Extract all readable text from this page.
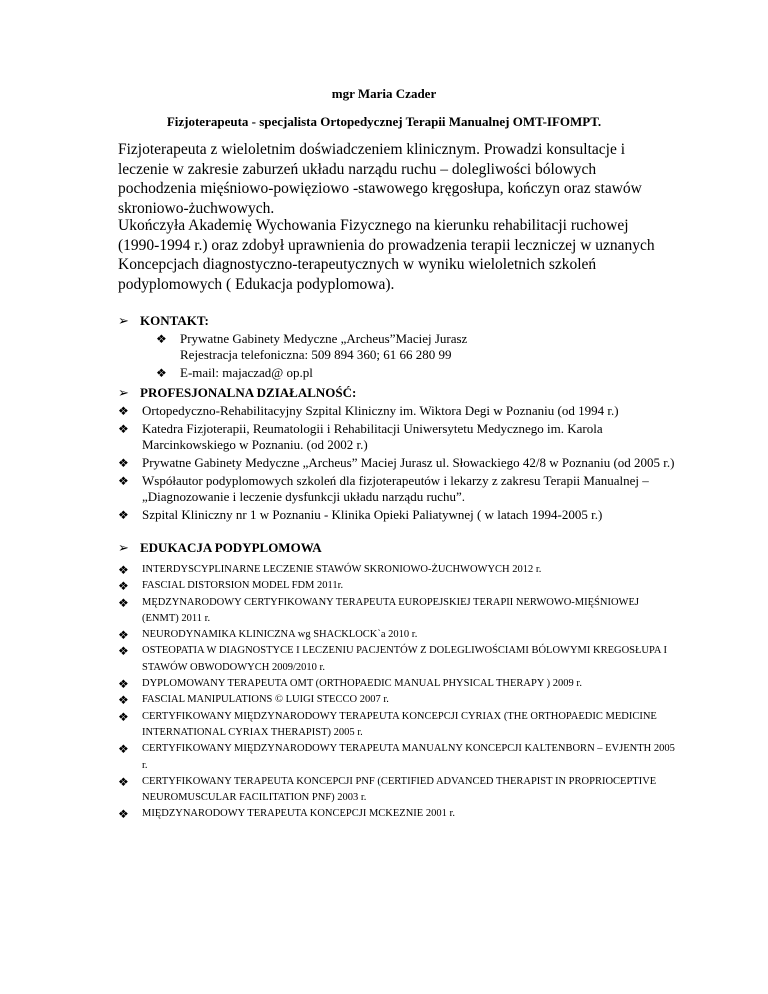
mgr Maria Czader
Fizjoterapeuta - specjalista Ortopedycznej Terapii Manualnej OMT-IFOMPT.

Fizjoterapeuta z wieloletnim doświadczeniem klinicznym. Prowadzi konsultacje i leczenie w zakresie zaburzeń układu narządu ruchu – dolegliwości bólowych pochodzenia mięśniowo-powięziowo -stawowego kręgosłupa, kończyn oraz stawów skroniowo-żuchwowych.

Ukończyła Akademię Wychowania Fizycznego na kierunku rehabilitacji ruchowej (1990-1994 r.) oraz zdobył uprawnienia do prowadzenia terapii leczniczej w uznanych Koncepcjach diagnostyczno-terapeutycznych w wyniku wieloletnich szkoleń podyplomowych ( Edukacja podyplomowa).

➢ KONTAKT:
❖	Prywatne Gabinety Medyczne „Archeus”Maciej Jurasz
Rejestracja telefoniczna: 509 894 360; 61 66 280 99
❖	E-mail: majaczad@ op.pl
➢ PROFESJONALNA DZIAŁALNOŚĆ:
❖	Ortopedyczno-Rehabilitacyjny Szpital Kliniczny im. Wiktora Degi w Poznaniu (od 1994 r.)
❖	Katedra Fizjoterapii, Reumatologii i Rehabilitacji Uniwersytetu Medycznego im. Karola Marcinkowskiego w Poznaniu. (od 2002 r.)
❖	Prywatne Gabinety Medyczne „Archeus” Maciej Jurasz ul. Słowackiego 42/8 w Poznaniu (od 2005 r.)
❖	Współautor podyplomowych szkoleń dla fizjoterapeutów i lekarzy z zakresu Terapii Manualnej – „Diagnozowanie i leczenie dysfunkcji układu narządu ruchu”.
❖	Szpital Kliniczny nr 1 w Poznaniu - Klinika Opieki Paliatywnej ( w latach 1994-2005 r.)
➢ EDUKACJA PODYPLOMOWA
❖	INTERDYSCYPLINARNE LECZENIE STAWÓW SKRONIOWO-ŻUCHWOWYCH 2012 r.
❖	FASCIAL DISTORSION MODEL FDM 2011r.
❖	MĘDZYNARODOWY CERTYFIKOWANY TERAPEUTA EUROPEJSKIEJ TERAPII NERWOWO-MIĘŚNIOWEJ (ENMT) 2011 r.
❖	NEURODYNAMIKA KLINICZNA wg SHACKLOCK`a 2010 r.
❖	OSTEOPATIA W DIAGNOSTYCE I LECZENIU PACJENTÓW Z DOLEGLIWOŚCIAMI BÓLOWYMI KREGOSŁUPA I STAWÓW OBWODOWYCH 2009/2010 r.
❖	DYPLOMOWANY TERAPEUTA OMT (ORTHOPAEDIC MANUAL PHYSICAL THERAPY ) 2009 r.
❖	FASCIAL MANIPULATIONS © LUIGI STECCO 2007 r.
❖	CERTYFIKOWANY MIĘDZYNARODOWY TERAPEUTA KONCEPCJI CYRIAX (THE ORTHOPAEDIC MEDICINE INTERNATIONAL CYRIAX THERAPIST) 2005 r.
❖	CERTYFIKOWANY MIĘDZYNARODOWY TERAPEUTA MANUALNY KONCEPCJI KALTENBORN – EVJENTH 2005 r.
❖	CERTYFIKOWANY TERAPEUTA KONCEPCJI PNF (CERTIFIED ADVANCED THERAPIST IN PROPRIOCEPTIVE NEUROMUSCULAR FACILITATION PNF) 2003 r.
❖	MIĘDZYNARODOWY TERAPEUTA KONCEPCJI MCKEZNIE 2001 r.
